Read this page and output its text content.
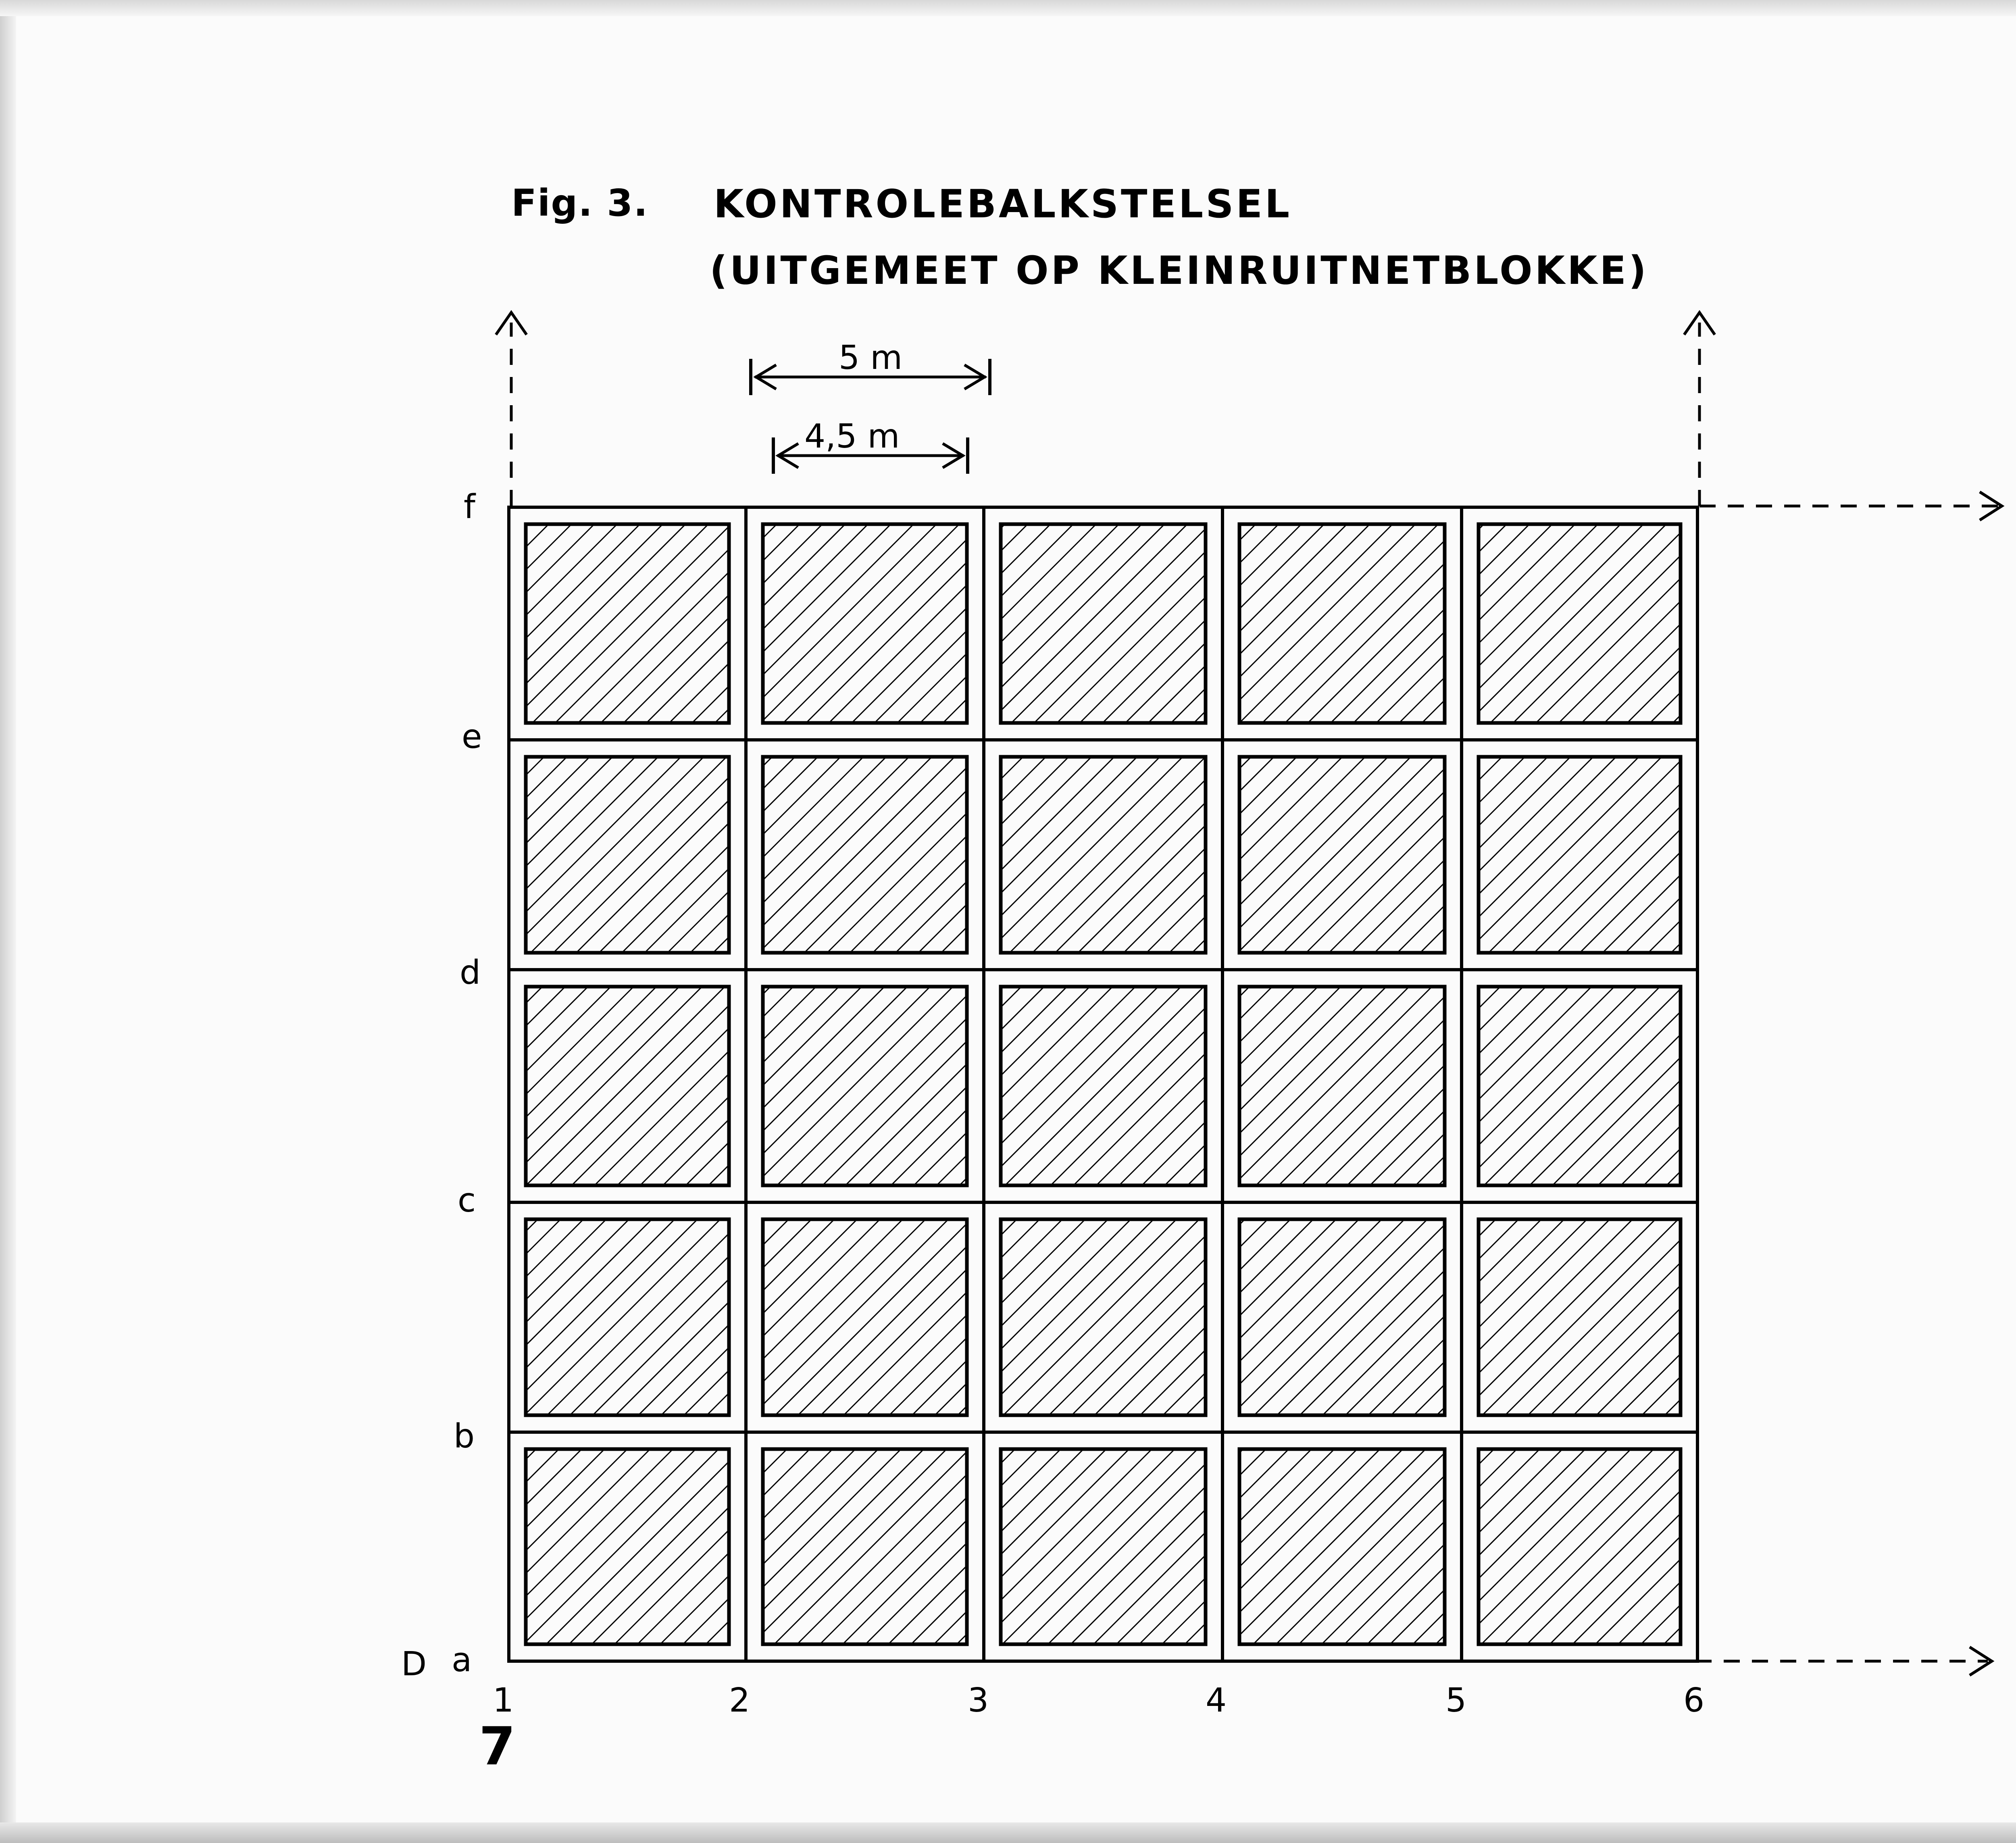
Fig. 3. KONTROLEBALKSTELSEL
(UITGEMEET OP KLEINRUITNETBLOKKE)
5 m
4,5 m
f
e
d
c
b
a
D
1	2	3	4	5	6
7
